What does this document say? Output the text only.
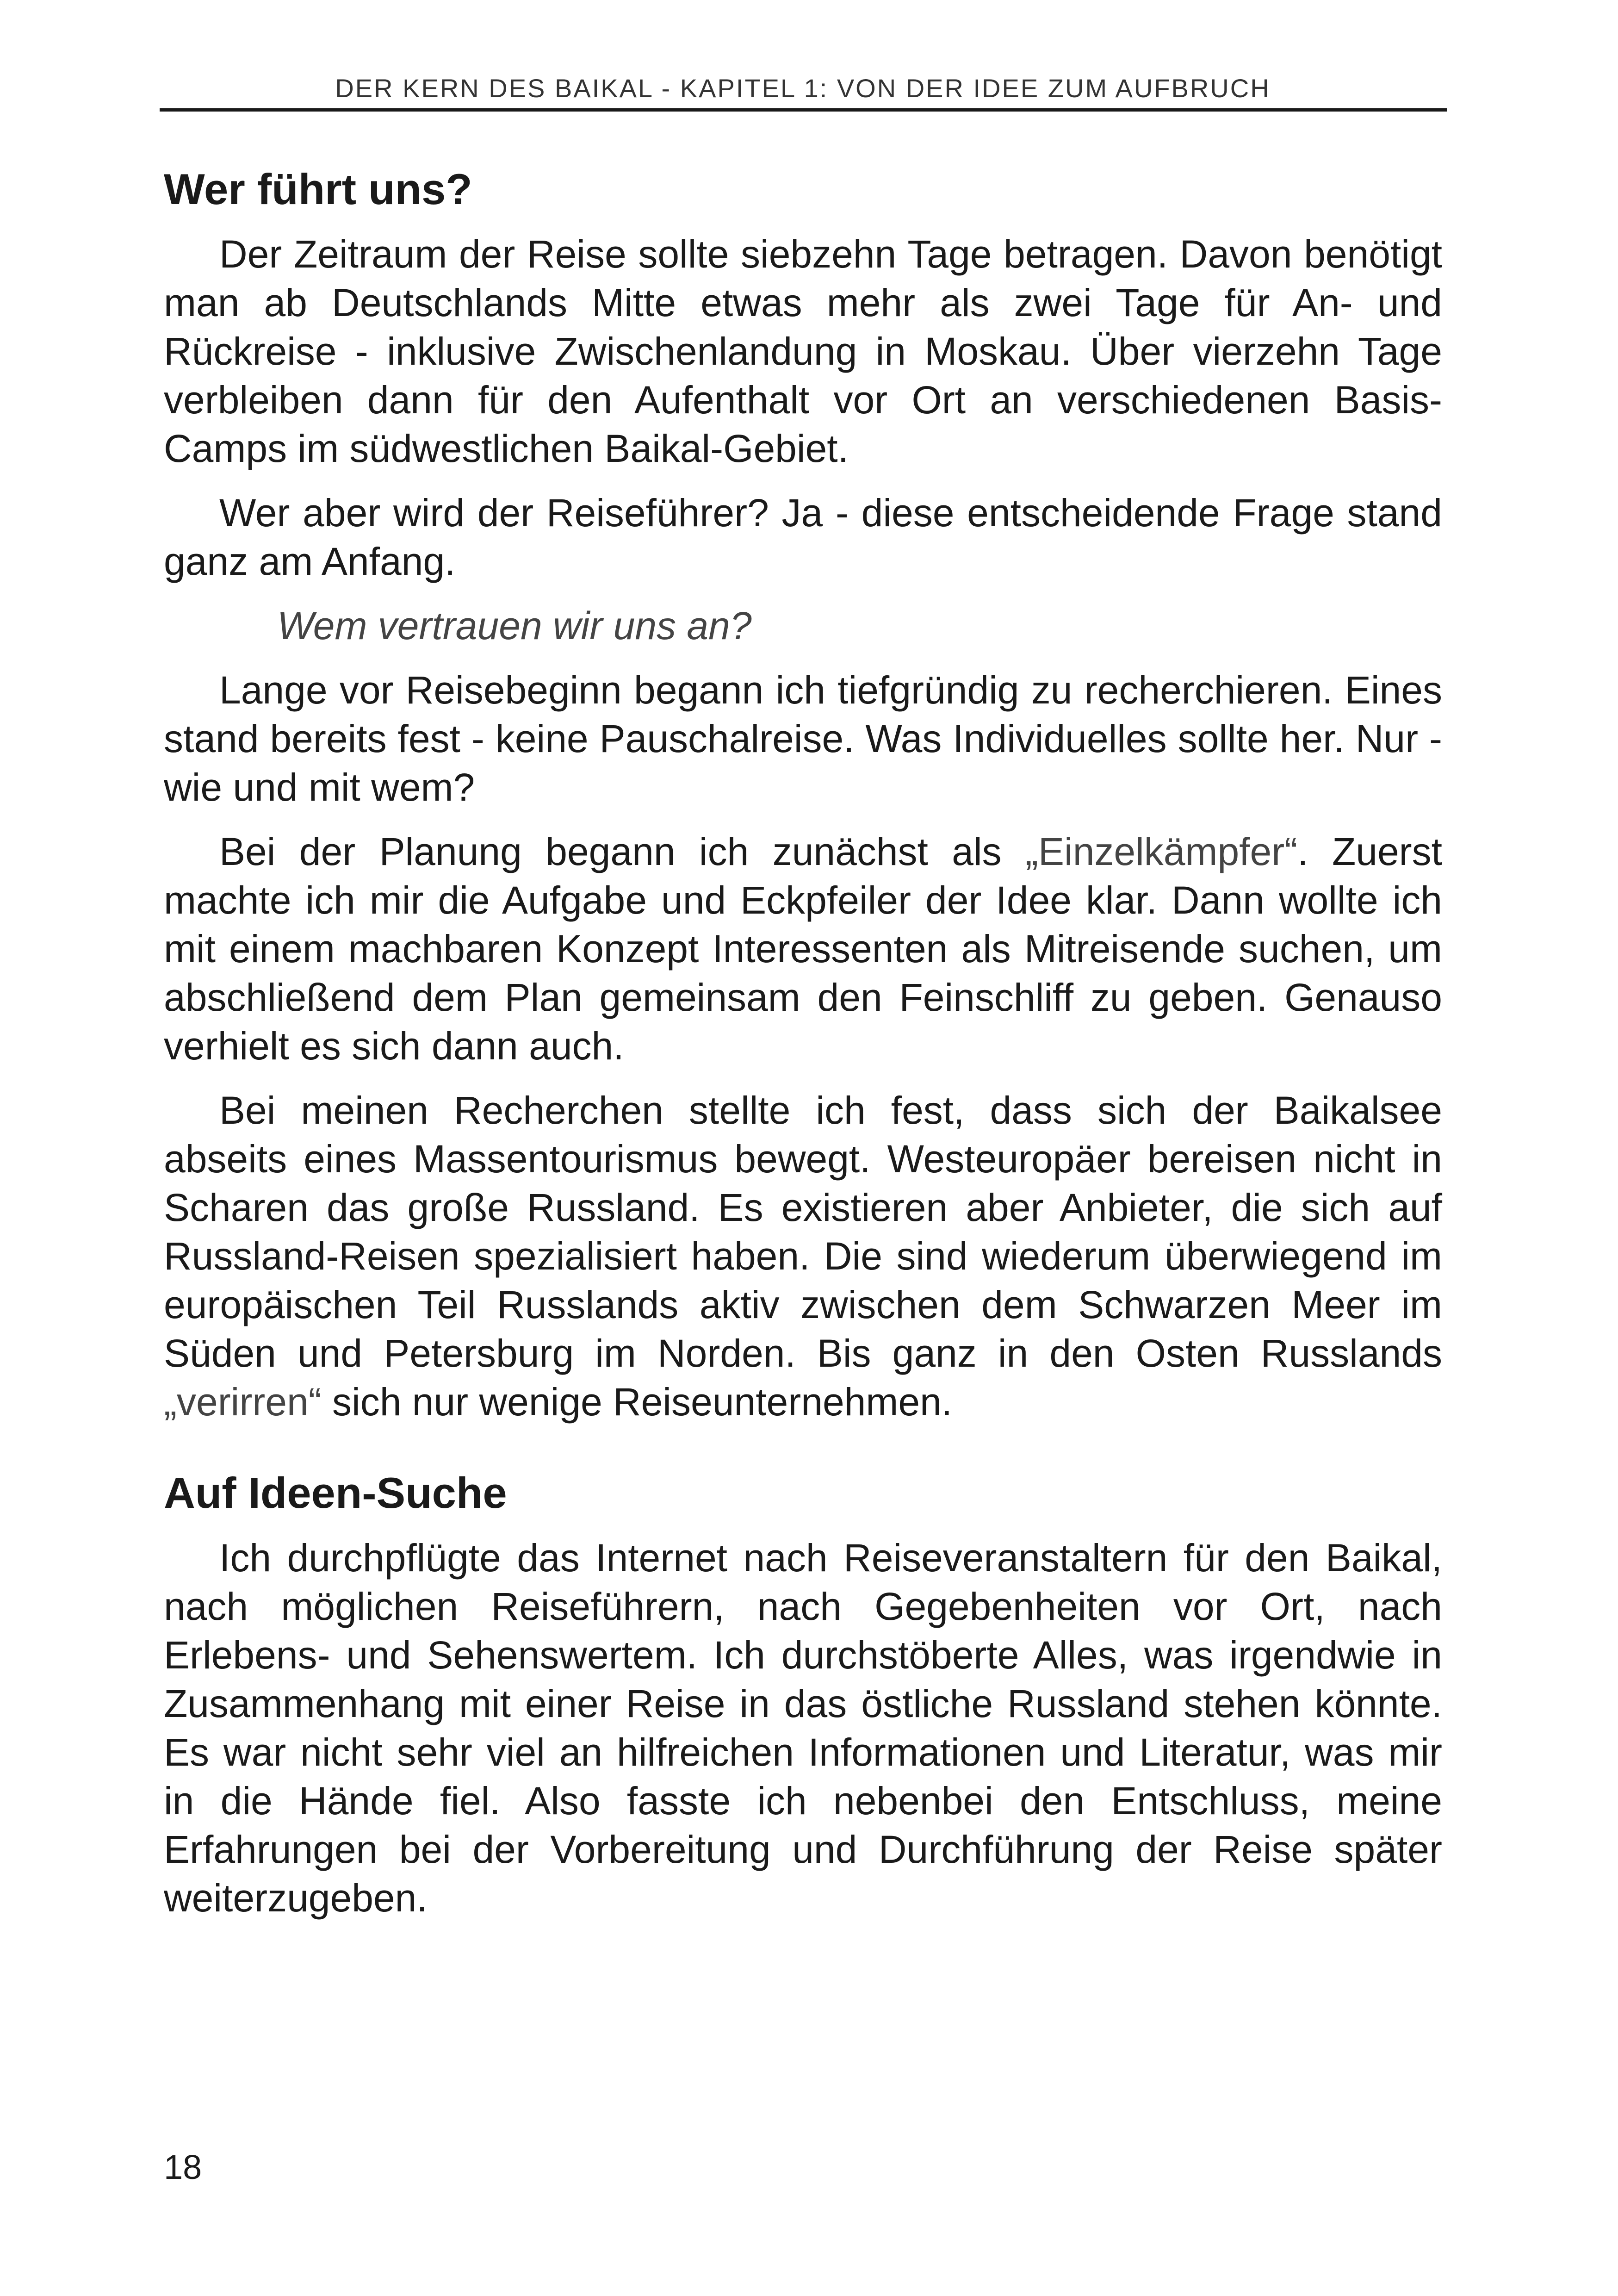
DER KERN DES BAIKAL - KAPITEL 1: VON DER IDEE ZUM AUFBRUCH
Wer führt uns?

Der Zeitraum der Reise sollte siebzehn Tage betragen. Davon benötigt man ab Deutschlands Mitte etwas mehr als zwei Tage für An- und Rückreise - inklusive Zwischenlandung in Moskau. Über vierzehn Tage verbleiben dann für den Aufenthalt vor Ort an verschiedenen Basis-Camps im südwestlichen Baikal-Gebiet.

Wer aber wird der Reiseführer? Ja - diese entscheidende Frage stand ganz am Anfang.

Wem vertrauen wir uns an?

Lange vor Reisebeginn begann ich tiefgründig zu recherchieren. Eines stand bereits fest - keine Pauschalreise. Was Individuelles sollte her. Nur - wie und mit wem?

Bei der Planung begann ich zunächst als „Einzelkämpfer“. Zuerst machte ich mir die Aufgabe und Eckpfeiler der Idee klar. Dann wollte ich mit einem machbaren Konzept Interessenten als Mitreisende suchen, um abschließend dem Plan gemeinsam den Feinschliff zu geben. Genauso verhielt es sich dann auch.

Bei meinen Recherchen stellte ich fest, dass sich der Baikalsee abseits eines Massentourismus bewegt. Westeuropäer bereisen nicht in Scharen das große Russland. Es existieren aber Anbieter, die sich auf Russland-Reisen spezialisiert haben. Die sind wiederum überwiegend im europäischen Teil Russlands aktiv zwischen dem Schwarzen Meer im Süden und Petersburg im Norden. Bis ganz in den Osten Russlands „verirren“ sich nur wenige Reiseunternehmen.

Auf Ideen-Suche

Ich durchpflügte das Internet nach Reiseveranstaltern für den Baikal, nach möglichen Reiseführern, nach Gegebenheiten vor Ort, nach Erlebens- und Sehenswertem. Ich durchstöberte Alles, was irgendwie in Zusammenhang mit einer Reise in das östliche Russland stehen könnte. Es war nicht sehr viel an hilfreichen Informationen und Literatur, was mir in die Hände fiel. Also fasste ich nebenbei den Entschluss, meine Erfahrungen bei der Vorbereitung und Durchführung der Reise später weiterzugeben.

18
